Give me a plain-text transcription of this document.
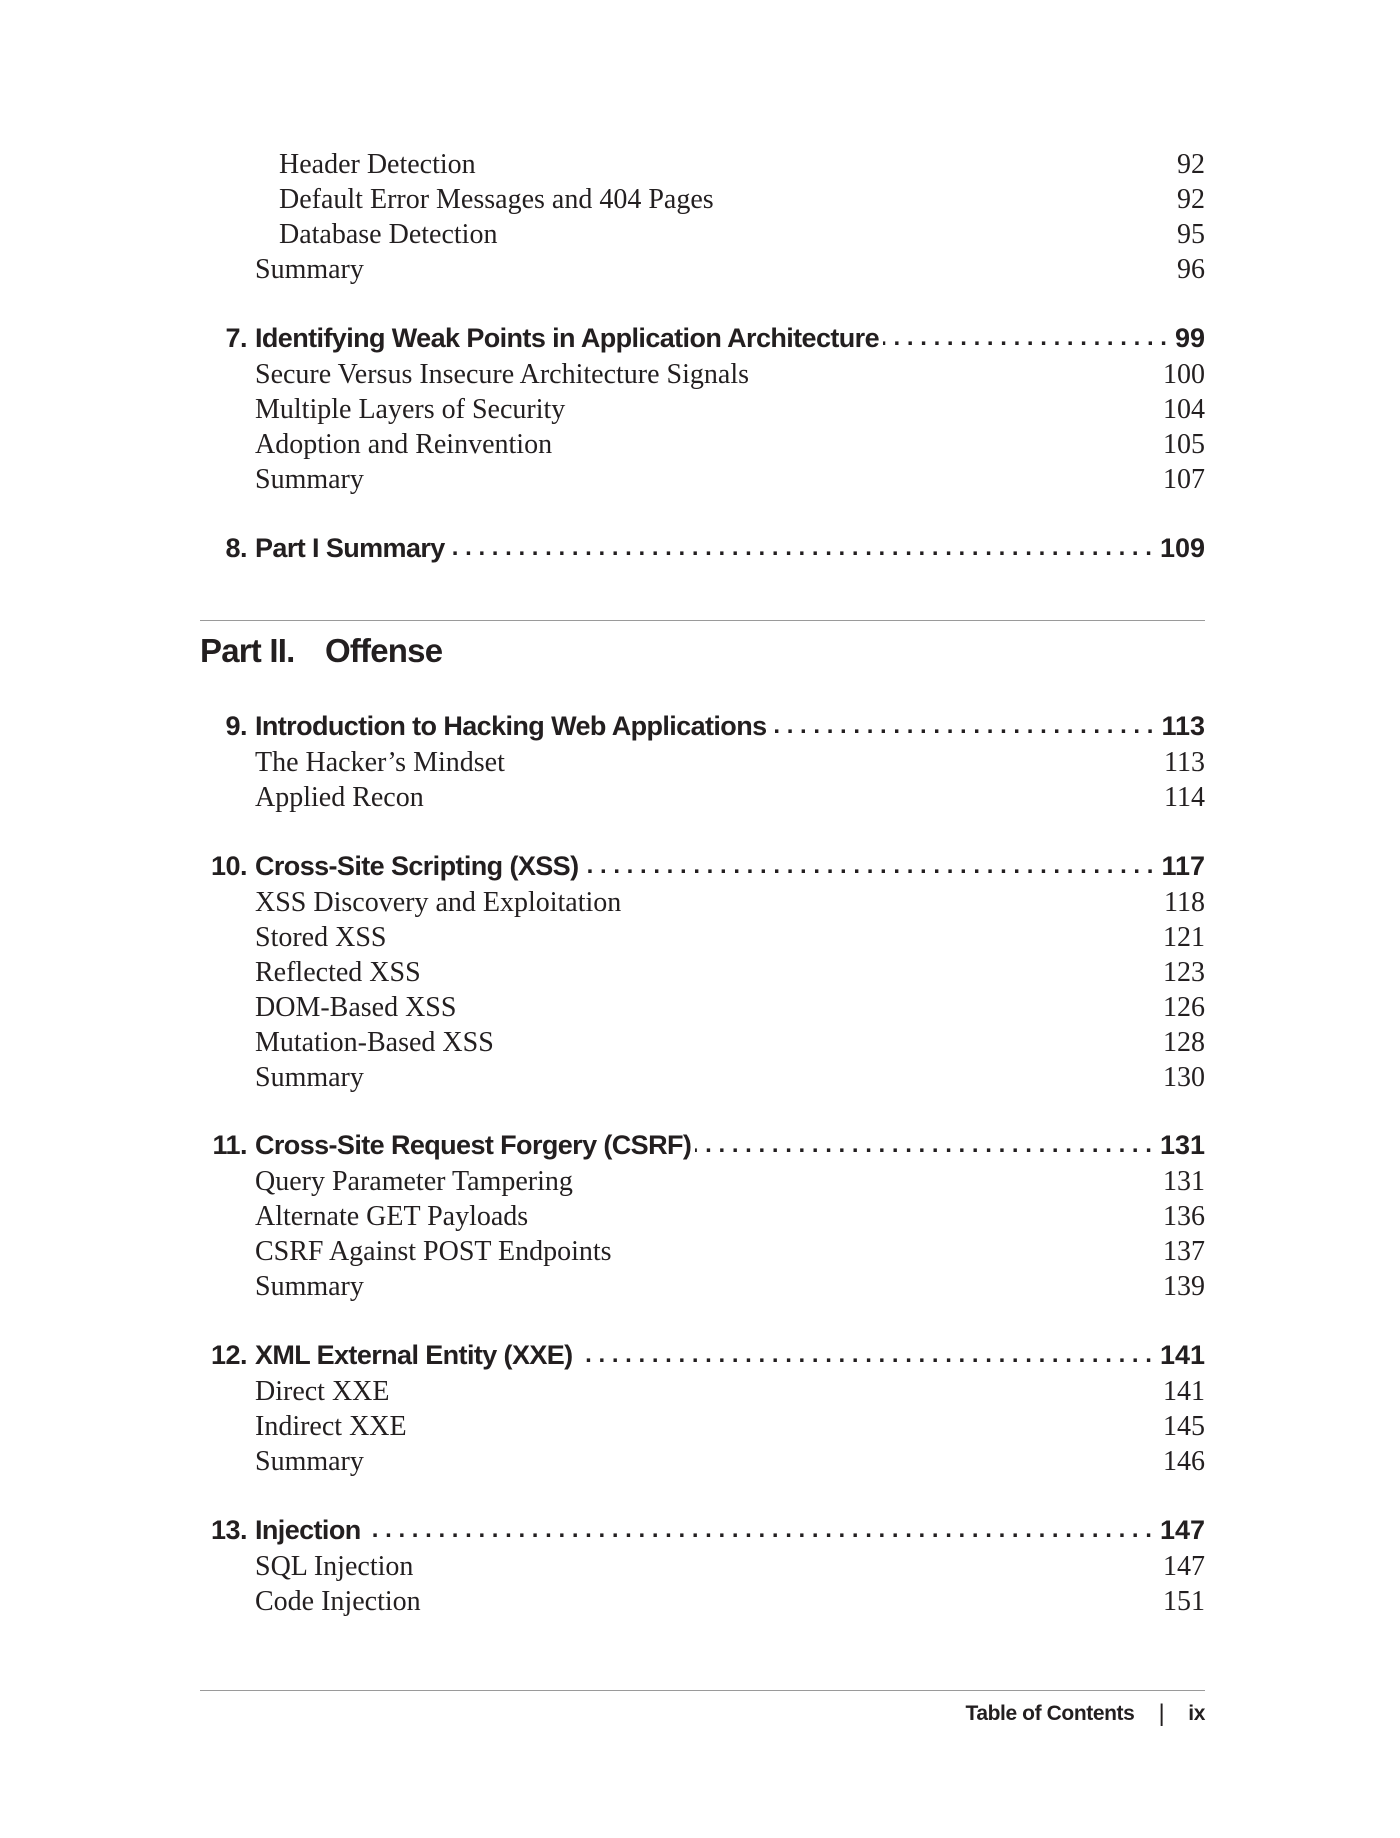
Header Detection	92
Default Error Messages and 404 Pages	92
Database Detection	95
Summary	96
7. Identifying Weak Points in Application Architecture . . .	99
Secure Versus Insecure Architecture Signals	100
Multiple Layers of Security	104
Adoption and Reinvention	105
Summary	107
8. Part I Summary . . .	109
Part II. Offense
9. Introduction to Hacking Web Applications . . .	113
The Hacker’s Mindset	113
Applied Recon	114
10. Cross-Site Scripting (XSS) . . .	117
XSS Discovery and Exploitation	118
Stored XSS	121
Reflected XSS	123
DOM-Based XSS	126
Mutation-Based XSS	128
Summary	130
11. Cross-Site Request Forgery (CSRF) . . .	131
Query Parameter Tampering	131
Alternate GET Payloads	136
CSRF Against POST Endpoints	137
Summary	139
12. XML External Entity (XXE) . . .	141
Direct XXE	141
Indirect XXE	145
Summary	146
13. Injection . . .	147
SQL Injection	147
Code Injection	151
Table of Contents | ix
